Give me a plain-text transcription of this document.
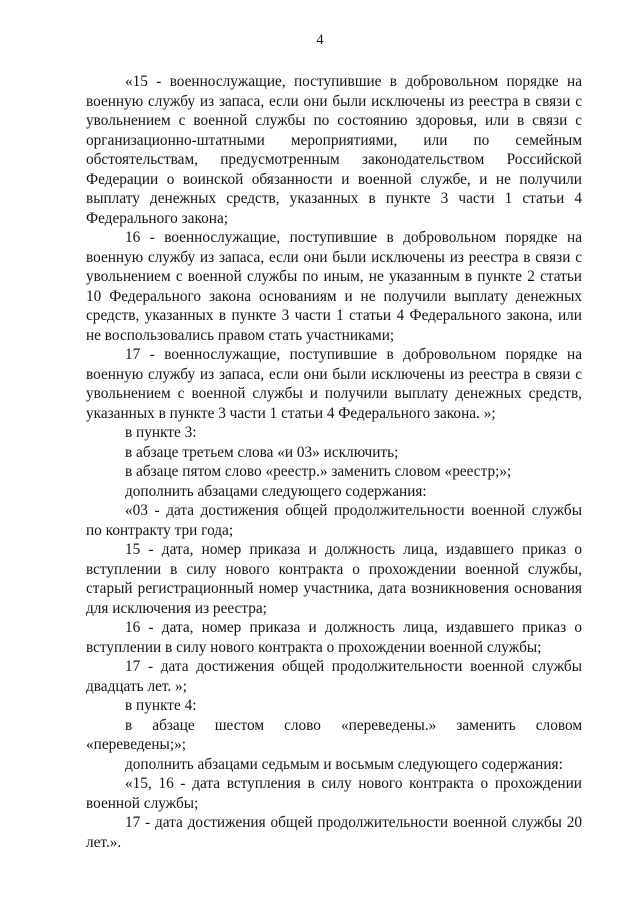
4

«15 - военнослужащие, поступившие в добровольном порядке на военную службу из запаса, если они были исключены из реестра в связи с увольнением с военной службы по состоянию здоровья, или в связи с организационно-штатными мероприятиями, или по семейным обстоятельствам, предусмотренным законодательством Российской Федерации о воинской обязанности и военной службе, и не получили выплату денежных средств, указанных в пункте 3 части 1 статьи 4 Федерального закона;

16 - военнослужащие, поступившие в добровольном порядке на военную службу из запаса, если они были исключены из реестра в связи с увольнением с военной службы по иным, не указанным в пункте 2 статьи 10 Федерального закона основаниям и не получили выплату денежных средств, указанных в пункте 3 части 1 статьи 4 Федерального закона, или не воспользовались правом стать участниками;

17 - военнослужащие, поступившие в добровольном порядке на военную службу из запаса, если они были исключены из реестра в связи с увольнением с военной службы и получили выплату денежных средств, указанных в пункте 3 части 1 статьи 4 Федерального закона. »;

в пункте 3:

в абзаце третьем слова «и 03» исключить;

в абзаце пятом слово «реестр.» заменить словом «реестр;»;

дополнить абзацами следующего содержания:

«03 - дата достижения общей продолжительности военной службы по контракту три года;

15 - дата, номер приказа и должность лица, издавшего приказ о вступлении в силу нового контракта о прохождении военной службы, старый регистрационный номер участника, дата возникновения основания для исключения из реестра;

16 - дата, номер приказа и должность лица, издавшего приказ о вступлении в силу нового контракта о прохождении военной службы;

17 - дата достижения общей продолжительности военной службы двадцать лет. »;

в пункте 4:

в абзаце шестом слово «переведены.» заменить словом «переведены;»;

дополнить абзацами седьмым и восьмым следующего содержания:

«15, 16 - дата вступления в силу нового контракта о прохождении военной службы;

17 - дата достижения общей продолжительности военной службы 20 лет.».
